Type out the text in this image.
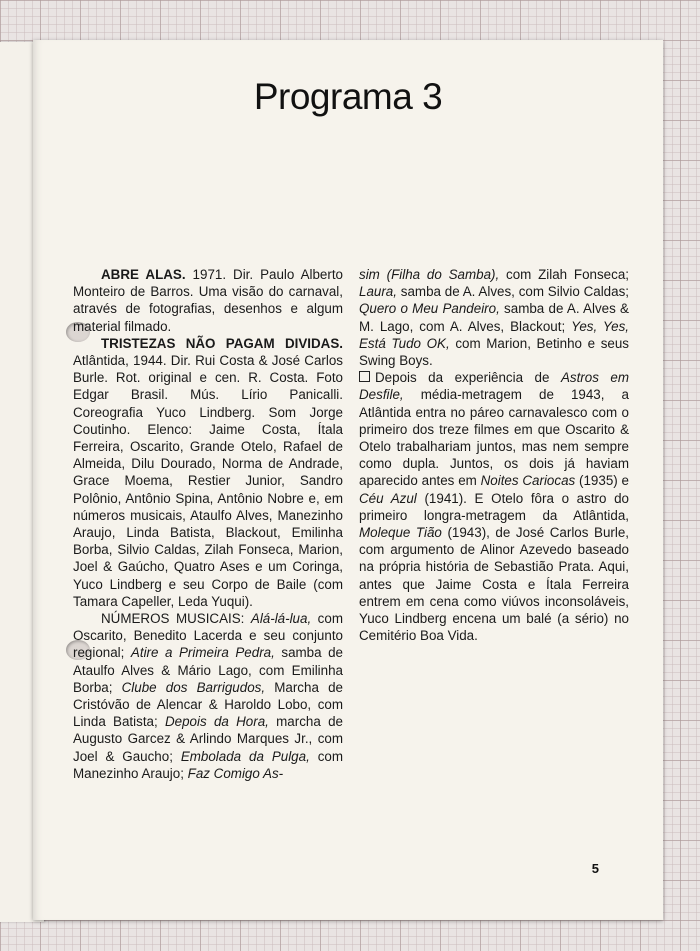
Programa 3

ABRE ALAS. 1971. Dir. Paulo Alberto Monteiro de Barros. Uma visão do carnaval, através de fotografias, desenhos e algum material filmado.

TRISTEZAS NÃO PAGAM DIVIDAS. Atlântida, 1944. Dir. Rui Costa & José Carlos Burle. Rot. original e cen. R. Costa. Foto Edgar Brasil. Mús. Lírio Panicalli. Coreografia Yuco Lindberg. Som Jorge Coutinho. Elenco: Jaime Costa, Ítala Ferreira, Oscarito, Grande Otelo, Rafael de Almeida, Dilu Dourado, Norma de Andrade, Grace Moema, Restier Junior, Sandro Polônio, Antônio Spina, Antônio Nobre e, em números musicais, Ataulfo Alves, Manezinho Araujo, Linda Batista, Blackout, Emilinha Borba, Silvio Caldas, Zilah Fonseca, Marion, Joel & Gaúcho, Quatro Ases e um Coringa, Yuco Lindberg e seu Corpo de Baile (com Tamara Capeller, Leda Yuqui).

NÚMEROS MUSICAIS: Alá-lá-lua, com Oscarito, Benedito Lacerda e seu conjunto regional; Atire a Primeira Pedra, samba de Ataulfo Alves & Mário Lago, com Emilinha Borba; Clube dos Barrigudos, Marcha de Cristóvão de Alencar & Haroldo Lobo, com Linda Batista; Depois da Hora, marcha de Augusto Garcez & Arlindo Marques Jr., com Joel & Gaucho; Embolada da Pulga, com Manezinho Araujo; Faz Comigo As-

sim (Filha do Samba), com Zilah Fonseca; Laura, samba de A. Alves, com Silvio Caldas; Quero o Meu Pandeiro, samba de A. Alves & M. Lago, com A. Alves, Blackout; Yes, Yes, Está Tudo OK, com Marion, Betinho e seus Swing Boys.

Depois da experiência de Astros em Desfile, média-metragem de 1943, a Atlântida entra no páreo carnavalesco com o primeiro dos treze filmes em que Oscarito & Otelo trabalhariam juntos, mas nem sempre como dupla. Juntos, os dois já haviam aparecido antes em Noites Cariocas (1935) e Céu Azul (1941). E Otelo fôra o astro do primeiro longra-metragem da Atlântida, Moleque Tião (1943), de José Carlos Burle, com argumento de Alinor Azevedo baseado na própria história de Sebastião Prata. Aqui, antes que Jaime Costa e Ítala Ferreira entrem em cena como viúvos inconsoláveis, Yuco Lindberg encena um balé (a sério) no Cemitério Boa Vida.

5
